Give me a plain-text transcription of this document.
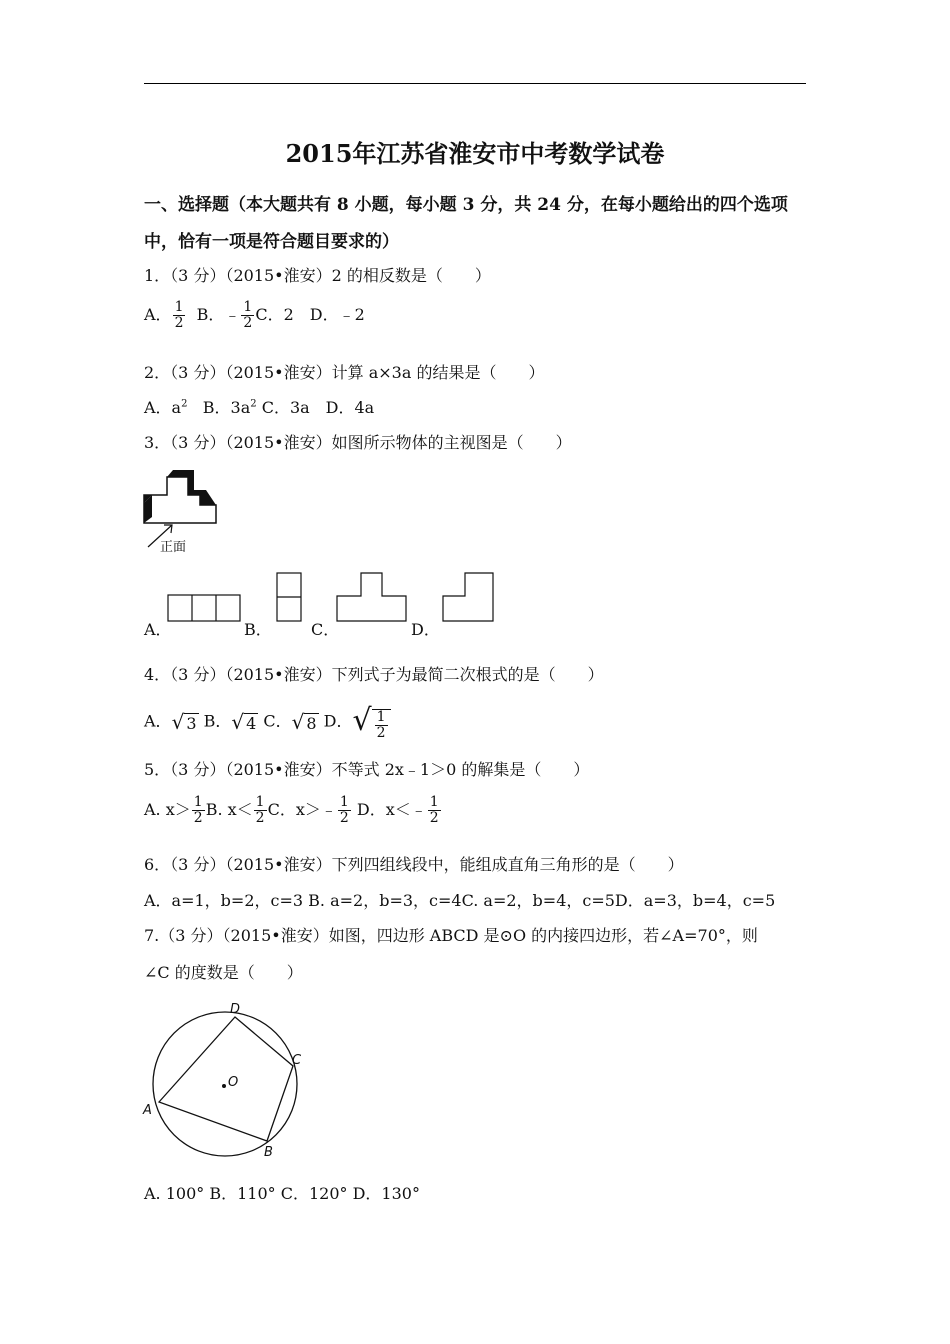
2015年江苏省淮安市中考数学试卷
一、选择题（本大题共有 8 小题，每小题 3 分，共 24 分，在每小题给出的四个选项
中，恰有一项是符合题目要求的）
1．（3 分）（2015•淮安）2 的相反数是（　　）
A． $\frac{1}{2}$ B．﹣ $\frac{1}{2}$ C．2　D．﹣2
2．（3 分）（2015•淮安）计算 a×3a 的结果是（　　）
A．$a^2$ B．$3a^2$ C．3a　D．4a
3．（3 分）（2015•淮安）如图所示物体的主视图是（　　）
正面
A．	B． C．	D．
4．（3 分）（2015•淮安）下列式子为最简二次根式的是（　　）
A．√ 3 B．√ 4 C．√ 8 D．√ $\frac{1}{2}$
5．（3 分）（2015•淮安）不等式 2x﹣1＞0 的解集是（　　）
A. $x> \frac{1}{2} B$. $x< \frac{1}{2}$ C．x＞﹣ $\frac{1}{2}$ D．x＜﹣ $\frac{1}{2}$
6．（3 分）（2015•淮安）下列四组线段中，能组成直角三角形的是（　　）
A．a=1，b=2，c=3 B. a=2，b=3，c=4C. a=2，b=4，c=5D．a=3，b=4，c=5
7.（3 分）（2015•淮安）如图，四边形 ABCD 是⊙O 的内接四边形，若∠A=70°，则
∠C 的度数是（　　）
O
A
D
C
B
A. 100° B．110° C．120° D．130°
